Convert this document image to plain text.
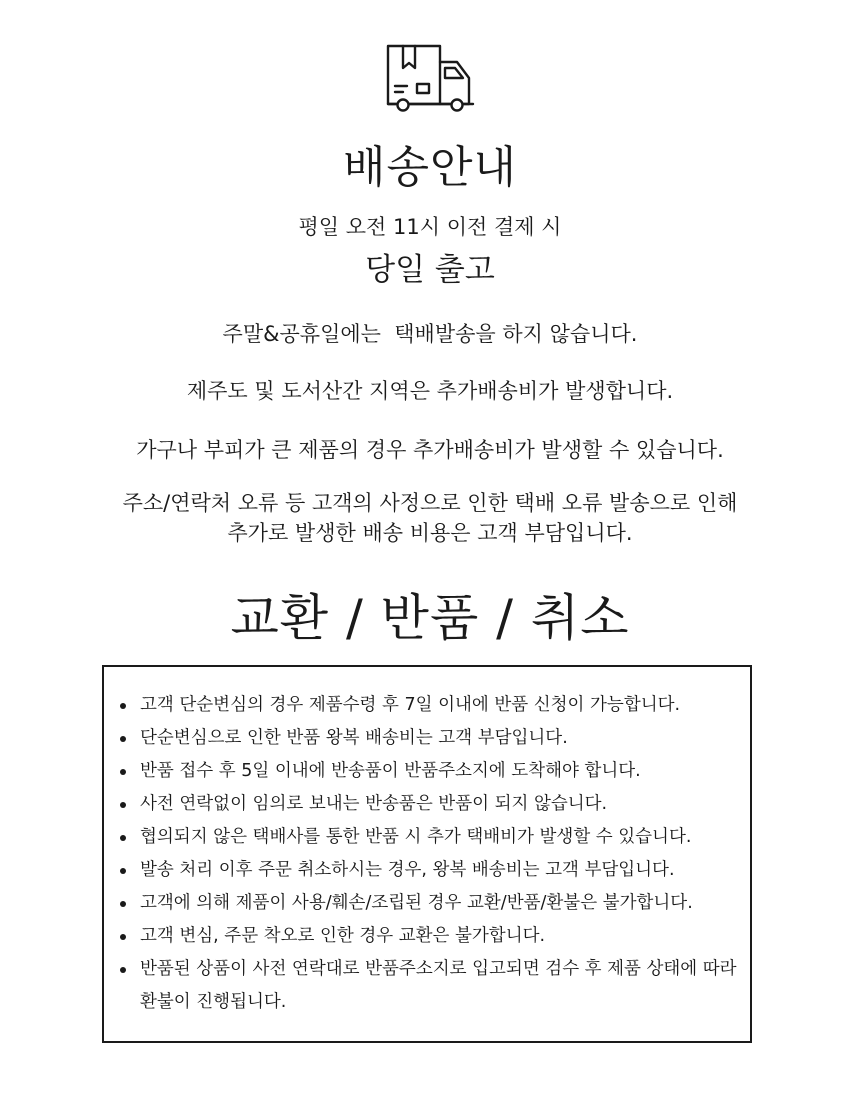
배송안내
평일 오전 11시 이전 결제 시
당일 출고
주말&공휴일에는  택배발송을 하지 않습니다.
제주도 및 도서산간 지역은 추가배송비가 발생합니다.
가구나 부피가 큰 제품의 경우 추가배송비가 발생할 수 있습니다.
주소/연락처 오류 등 고객의 사정으로 인한 택배 오류 발송으로 인해
추가로 발생한 배송 비용은 고객 부담입니다.
교환 / 반품 / 취소
고객 단순변심의 경우 제품수령 후 7일 이내에 반품 신청이 가능합니다.
단순변심으로 인한 반품 왕복 배송비는 고객 부담입니다.
반품 접수 후 5일 이내에 반송품이 반품주소지에 도착해야 합니다.
사전 연락없이 임의로 보내는 반송품은 반품이 되지 않습니다.
협의되지 않은 택배사를 통한 반품 시 추가 택배비가 발생할 수 있습니다.
발송 처리 이후 주문 취소하시는 경우, 왕복 배송비는 고객 부담입니다.
고객에 의해 제품이 사용/훼손/조립된 경우 교환/반품/환불은 불가합니다.
고객 변심, 주문 착오로 인한 경우 교환은 불가합니다.
반품된 상품이 사전 연락대로 반품주소지로 입고되면 검수 후 제품 상태에 따라 환불이 진행됩니다.
